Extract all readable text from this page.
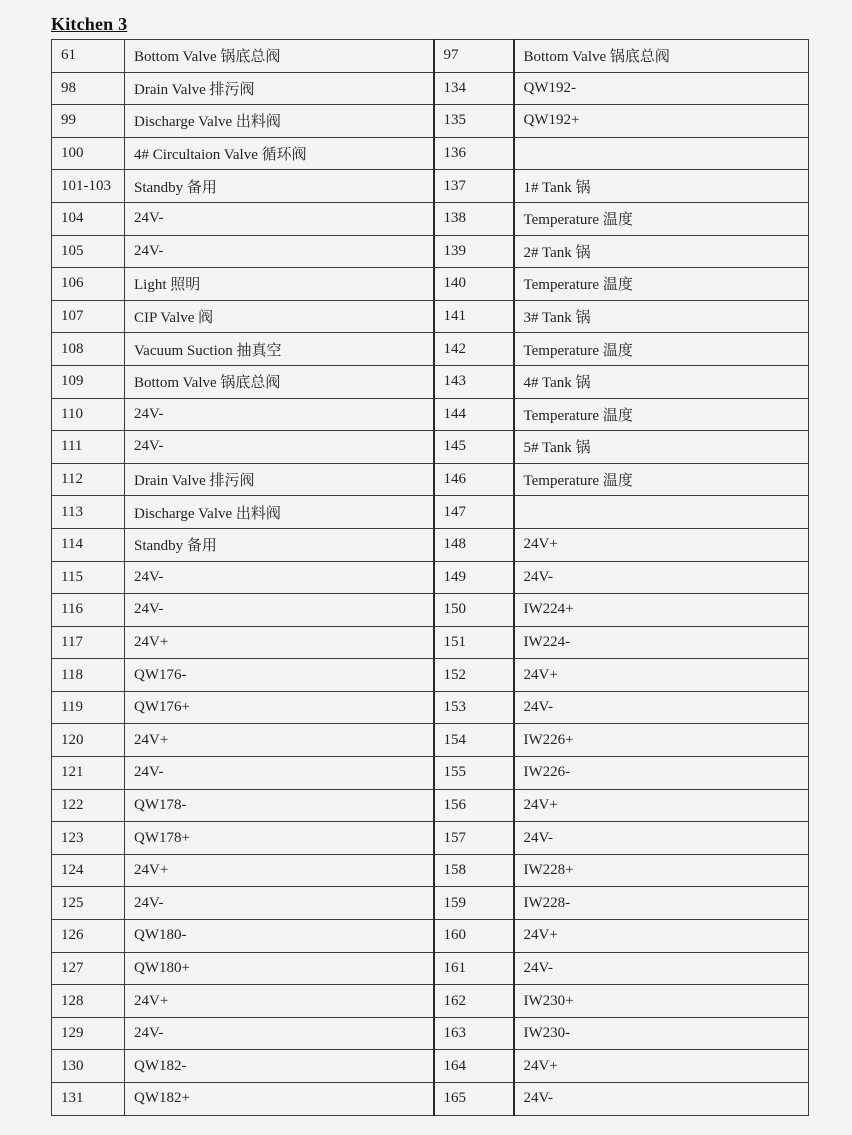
Kitchen 3
61	Bottom Valve 锅底总阀	97	Bottom Valve 锅底总阀
98	Drain Valve 排污阀	134	QW192-
99	Discharge Valve 出料阀	135	QW192+
100	4# Circultaion Valve 循环阀	136	
101-103	Standby 备用	137	1# Tank 锅
104	24V-	138	Temperature 温度
105	24V-	139	2# Tank 锅
106	Light 照明	140	Temperature 温度
107	CIP Valve 阀	141	3# Tank 锅
108	Vacuum Suction 抽真空	142	Temperature 温度
109	Bottom Valve 锅底总阀	143	4# Tank 锅
110	24V-	144	Temperature 温度
111	24V-	145	5# Tank 锅
112	Drain Valve 排污阀	146	Temperature 温度
113	Discharge Valve 出料阀	147	
114	Standby 备用	148	24V+
115	24V-	149	24V-
116	24V-	150	IW224+
117	24V+	151	IW224-
118	QW176-	152	24V+
119	QW176+	153	24V-
120	24V+	154	IW226+
121	24V-	155	IW226-
122	QW178-	156	24V+
123	QW178+	157	24V-
124	24V+	158	IW228+
125	24V-	159	IW228-
126	QW180-	160	24V+
127	QW180+	161	24V-
128	24V+	162	IW230+
129	24V-	163	IW230-
130	QW182-	164	24V+
131	QW182+	165	24V-
